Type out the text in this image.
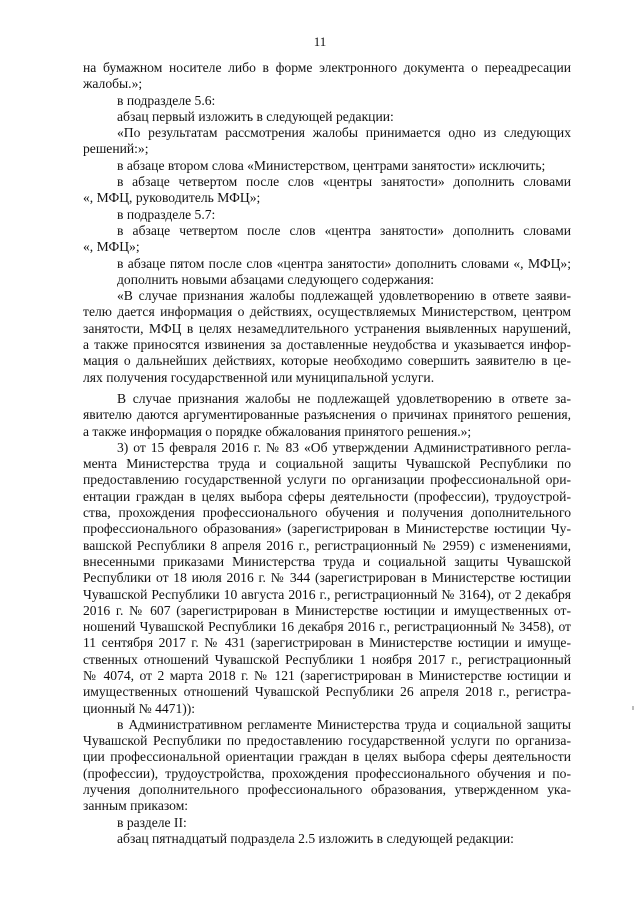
11
на бумажном носителе либо в форме электронного документа о переадресации
жалобы.»;
в подразделе 5.6:
абзац первый изложить в следующей редакции:
«По результатам рассмотрения жалобы принимается одно из следующих
решений:»;
в абзаце втором слова «Министерством, центрами занятости» исключить;
в абзаце четвертом после слов «центры занятости» дополнить словами
«, МФЦ, руководитель МФЦ»;
в подразделе 5.7:
в абзаце четвертом после слов «центра занятости» дополнить словами
«, МФЦ»;
в абзаце пятом после слов «центра занятости» дополнить словами «, МФЦ»;
дополнить новыми абзацами следующего содержания:
«В случае признания жалобы подлежащей удовлетворению в ответе заяви-
телю дается информация о действиях, осуществляемых Министерством, центром
занятости, МФЦ в целях незамедлительного устранения выявленных нарушений,
а также приносятся извинения за доставленные неудобства и указывается инфор-
мация о дальнейших действиях, которые необходимо совершить заявителю в це-
лях получения государственной или муниципальной услуги.
В случае признания жалобы не подлежащей удовлетворению в ответе за-
явителю даются аргументированные разъяснения о причинах принятого решения,
а также информация о порядке обжалования принятого решения.»;
3) от 15 февраля 2016 г. № 83 «Об утверждении Административного регла-
мента Министерства труда и социальной защиты Чувашской Республики по
предоставлению государственной услуги по организации профессиональной ори-
ентации граждан в целях выбора сферы деятельности (профессии), трудоустрой-
ства, прохождения профессионального обучения и получения дополнительного
профессионального образования» (зарегистрирован в Министерстве юстиции Чу-
вашской Республики 8 апреля 2016 г., регистрационный № 2959) с изменениями,
внесенными приказами Министерства труда и социальной защиты Чувашской
Республики от 18 июля 2016 г. № 344 (зарегистрирован в Министерстве юстиции
Чувашской Республики 10 августа 2016 г., регистрационный № 3164), от 2 декабря
2016 г. № 607 (зарегистрирован в Министерстве юстиции и имущественных от-
ношений Чувашской Республики 16 декабря 2016 г., регистрационный № 3458), от
11 сентября 2017 г. № 431 (зарегистрирован в Министерстве юстиции и имуще-
ственных отношений Чувашской Республики 1 ноября 2017 г., регистрационный
№ 4074, от 2 марта 2018 г. № 121 (зарегистрирован в Министерстве юстиции и
имущественных отношений Чувашской Республики 26 апреля 2018 г., регистра-
ционный № 4471)):
в Административном регламенте Министерства труда и социальной защиты
Чувашской Республики по предоставлению государственной услуги по организа-
ции профессиональной ориентации граждан в целях выбора сферы деятельности
(профессии), трудоустройства, прохождения профессионального обучения и по-
лучения дополнительного профессионального образования, утвержденном ука-
занным приказом:
в разделе II:
абзац пятнадцатый подраздела 2.5 изложить в следующей редакции:
